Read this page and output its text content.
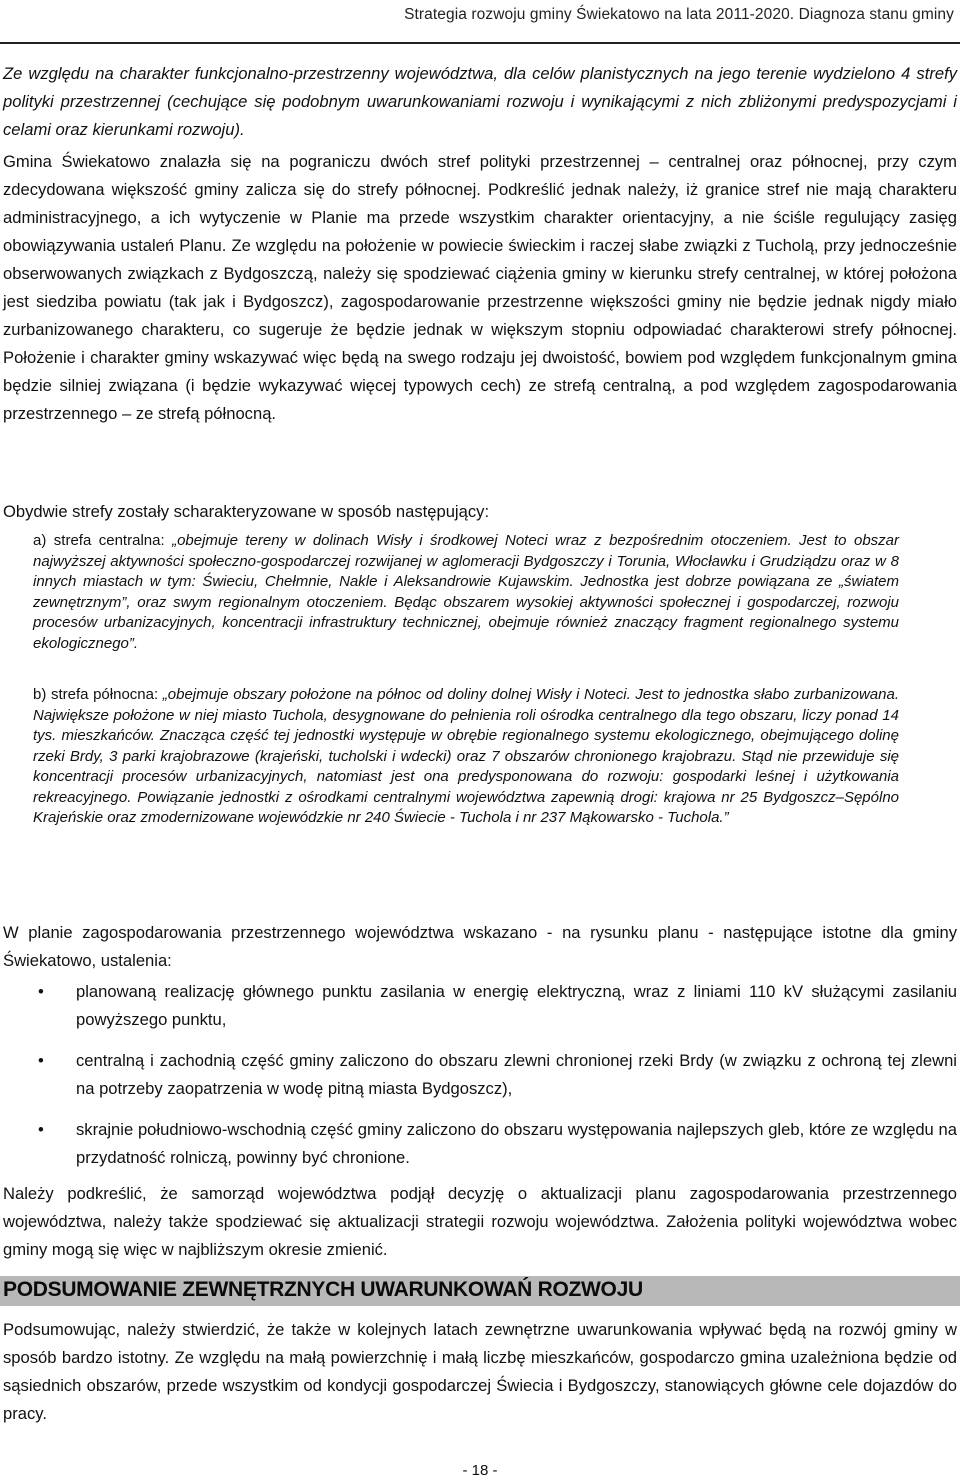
Strategia rozwoju gminy Świekatowo na lata 2011-2020. Diagnoza stanu gminy
Ze względu na charakter funkcjonalno-przestrzenny województwa, dla celów planistycznych na jego terenie wydzielono 4 strefy polityki przestrzennej (cechujące się podobnym uwarunkowaniami rozwoju i wynikającymi z nich zbliżonymi predyspozycjami i celami oraz kierunkami rozwoju).
Gmina Świekatowo znalazła się na pograniczu dwóch stref polityki przestrzennej – centralnej oraz północnej, przy czym zdecydowana większość gminy zalicza się do strefy północnej. Podkreślić jednak należy, iż granice stref nie mają charakteru administracyjnego, a ich wytyczenie w Planie ma przede wszystkim charakter orientacyjny, a nie ściśle regulujący zasięg obowiązywania ustaleń Planu. Ze względu na położenie w powiecie świeckim i raczej słabe związki z Tucholą, przy jednocześnie obserwowanych związkach z Bydgoszczą, należy się spodziewać ciążenia gminy w kierunku strefy centralnej, w której położona jest siedziba powiatu (tak jak i Bydgoszcz), zagospodarowanie przestrzenne większości gminy nie będzie jednak nigdy miało zurbanizowanego charakteru, co sugeruje że będzie jednak w większym stopniu odpowiadać charakterowi strefy północnej. Położenie i charakter gminy wskazywać więc będą na swego rodzaju jej dwoistość, bowiem pod względem funkcjonalnym gmina będzie silniej związana (i będzie wykazywać więcej typowych cech) ze strefą centralną, a pod względem zagospodarowania przestrzennego – ze strefą północną.
Obydwie strefy zostały scharakteryzowane w sposób następujący:
a) strefa centralna: „obejmuje tereny w dolinach Wisły i środkowej Noteci wraz z bezpośrednim otoczeniem. Jest to obszar najwyższej aktywności społeczno-gospodarczej rozwijanej w aglomeracji Bydgoszczy i Torunia, Włocławku i Grudziądzu oraz w 8 innych miastach w tym: Świeciu, Chełmnie, Nakle i Aleksandrowie Kujawskim. Jednostka jest dobrze powiązana ze „światem zewnętrznym”, oraz swym regionalnym otoczeniem. Będąc obszarem wysokiej aktywności społecznej i gospodarczej, rozwoju procesów urbanizacyjnych, koncentracji infrastruktury technicznej, obejmuje również znaczący fragment regionalnego systemu ekologicznego”.
b) strefa północna: „obejmuje obszary położone na północ od doliny dolnej Wisły i Noteci. Jest to jednostka słabo zurbanizowana. Największe położone w niej miasto Tuchola, desygnowane do pełnienia roli ośrodka centralnego dla tego obszaru, liczy ponad 14 tys. mieszkańców. Znacząca część tej jednostki występuje w obrębie regionalnego systemu ekologicznego, obejmującego dolinę rzeki Brdy, 3 parki krajobrazowe (krajeński, tucholski i wdecki) oraz 7 obszarów chronionego krajobrazu. Stąd nie przewiduje się koncentracji procesów urbanizacyjnych, natomiast jest ona predysponowana do rozwoju: gospodarki leśnej i użytkowania rekreacyjnego. Powiązanie jednostki z ośrodkami centralnymi województwa zapewnią drogi: krajowa nr 25 Bydgoszcz–Sępólno Krajeńskie oraz zmodernizowane wojewódzkie nr 240 Świecie - Tuchola i nr 237 Mąkowarsko - Tuchola.”
W planie zagospodarowania przestrzennego województwa wskazano - na rysunku planu - następujące istotne dla gminy Świekatowo, ustalenia:
• planowaną realizację głównego punktu zasilania w energię elektryczną, wraz z liniami 110 kV służącymi zasilaniu powyższego punktu,
• centralną i zachodnią część gminy zaliczono do obszaru zlewni chronionej rzeki Brdy (w związku z ochroną tej zlewni na potrzeby zaopatrzenia w wodę pitną miasta Bydgoszcz),
• skrajnie południowo-wschodnią część gminy zaliczono do obszaru występowania najlepszych gleb, które ze względu na przydatność rolniczą, powinny być chronione.
Należy podkreślić, że samorząd województwa podjął decyzję o aktualizacji planu zagospodarowania przestrzennego województwa, należy także spodziewać się aktualizacji strategii rozwoju województwa. Założenia polityki województwa wobec gminy mogą się więc w najbliższym okresie zmienić.
PODSUMOWANIE ZEWNĘTRZNYCH UWARUNKOWAŃ ROZWOJU
Podsumowując, należy stwierdzić, że także w kolejnych latach zewnętrzne uwarunkowania wpływać będą na rozwój gminy w sposób bardzo istotny. Ze względu na małą powierzchnię i małą liczbę mieszkańców, gospodarczo gmina uzależniona będzie od sąsiednich obszarów, przede wszystkim od kondycji gospodarczej Świecia i Bydgoszczy, stanowiących główne cele dojazdów do pracy.
- 18 -
